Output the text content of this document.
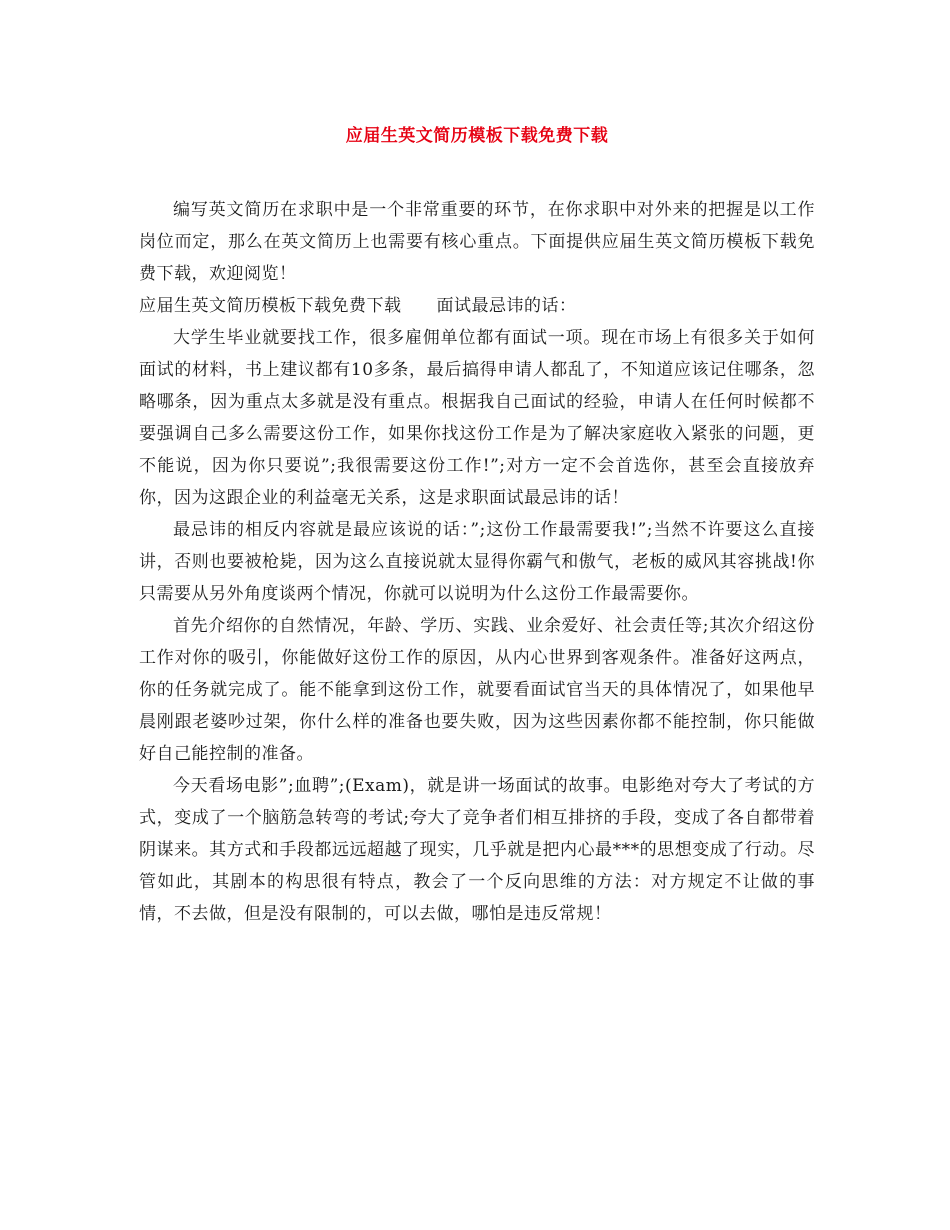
应届生英文简历模板下载免费下载

编写英文简历在求职中是一个非常重要的环节，在你求职中对外来的把握是以工作岗位而定，那么在英文简历上也需要有核心重点。下面提供应届生英文简历模板下载免费下载，欢迎阅览！

应届生英文简历模板下载免费下载　　面试最忌讳的话：

大学生毕业就要找工作，很多雇佣单位都有面试一项。现在市场上有很多关于如何面试的材料，书上建议都有10多条，最后搞得申请人都乱了，不知道应该记住哪条，忽略哪条，因为重点太多就是没有重点。根据我自己面试的经验，申请人在任何时候都不要强调自己多么需要这份工作，如果你找这份工作是为了解决家庭收入紧张的问题，更不能说，因为你只要说”;我很需要这份工作!”;对方一定不会首选你，甚至会直接放弃你，因为这跟企业的利益毫无关系，这是求职面试最忌讳的话！

最忌讳的相反内容就是最应该说的话：”;这份工作最需要我!”;当然不许要这么直接讲，否则也要被枪毙，因为这么直接说就太显得你霸气和傲气，老板的威风其容挑战!你只需要从另外角度谈两个情况，你就可以说明为什么这份工作最需要你。

首先介绍你的自然情况，年龄、学历、实践、业余爱好、社会责任等;其次介绍这份工作对你的吸引，你能做好这份工作的原因，从内心世界到客观条件。准备好这两点，你的任务就完成了。能不能拿到这份工作，就要看面试官当天的具体情况了，如果他早晨刚跟老婆吵过架，你什么样的准备也要失败，因为这些因素你都不能控制，你只能做好自己能控制的准备。

今天看场电影”;血聘”;(Exam)，就是讲一场面试的故事。电影绝对夸大了考试的方式，变成了一个脑筋急转弯的考试;夸大了竞争者们相互排挤的手段，变成了各自都带着阴谋来。其方式和手段都远远超越了现实，几乎就是把内心最***的思想变成了行动。尽管如此，其剧本的构思很有特点，教会了一个反向思维的方法：对方规定不让做的事情，不去做，但是没有限制的，可以去做，哪怕是违反常规！
